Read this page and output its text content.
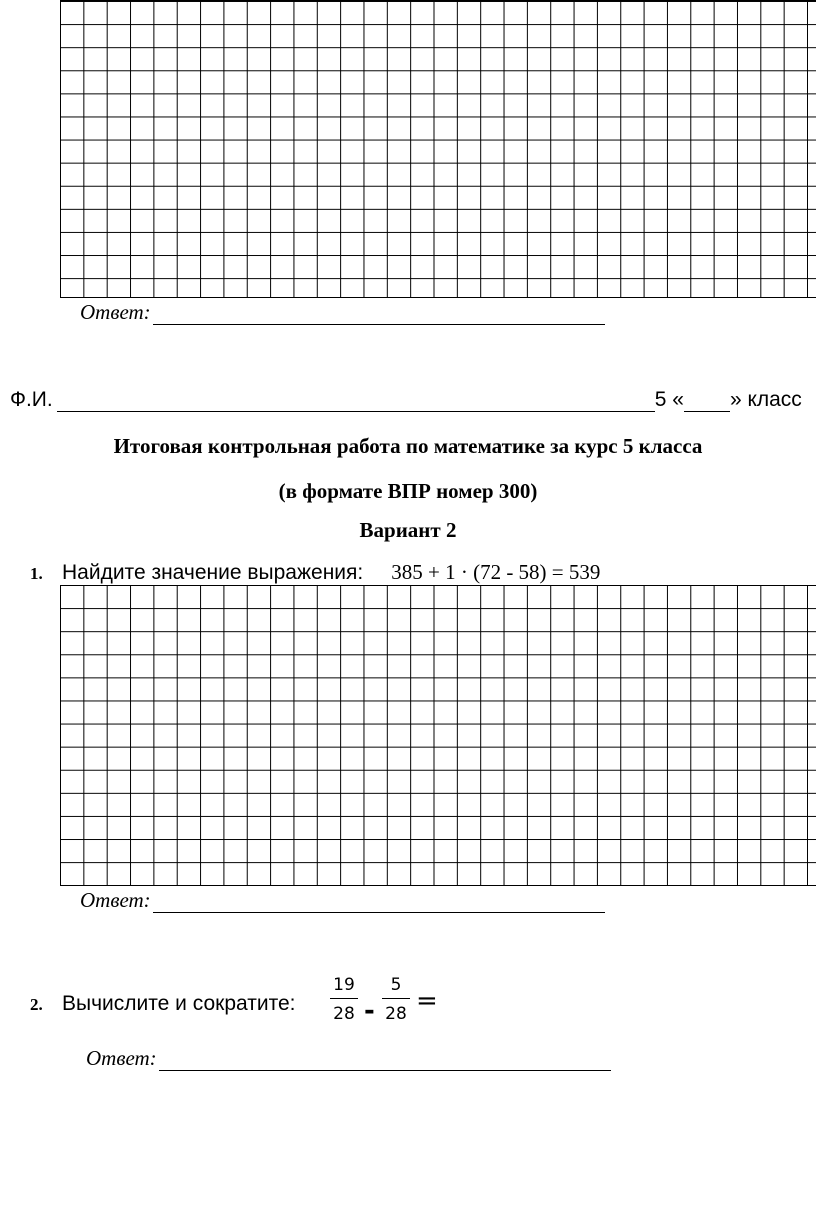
Ответ:
Ф.И.	5 « » класс
Итоговая контрольная работа по математике за курс 5 класса
(в формате ВПР номер 300)
Вариант 2
1. Найдите значение выражения: 385 + 1 · (72 - 58) = 539
Ответ:
2. Вычислите и сократите: $\frac{19}{28} - \frac{5}{28}$ =
Ответ:
